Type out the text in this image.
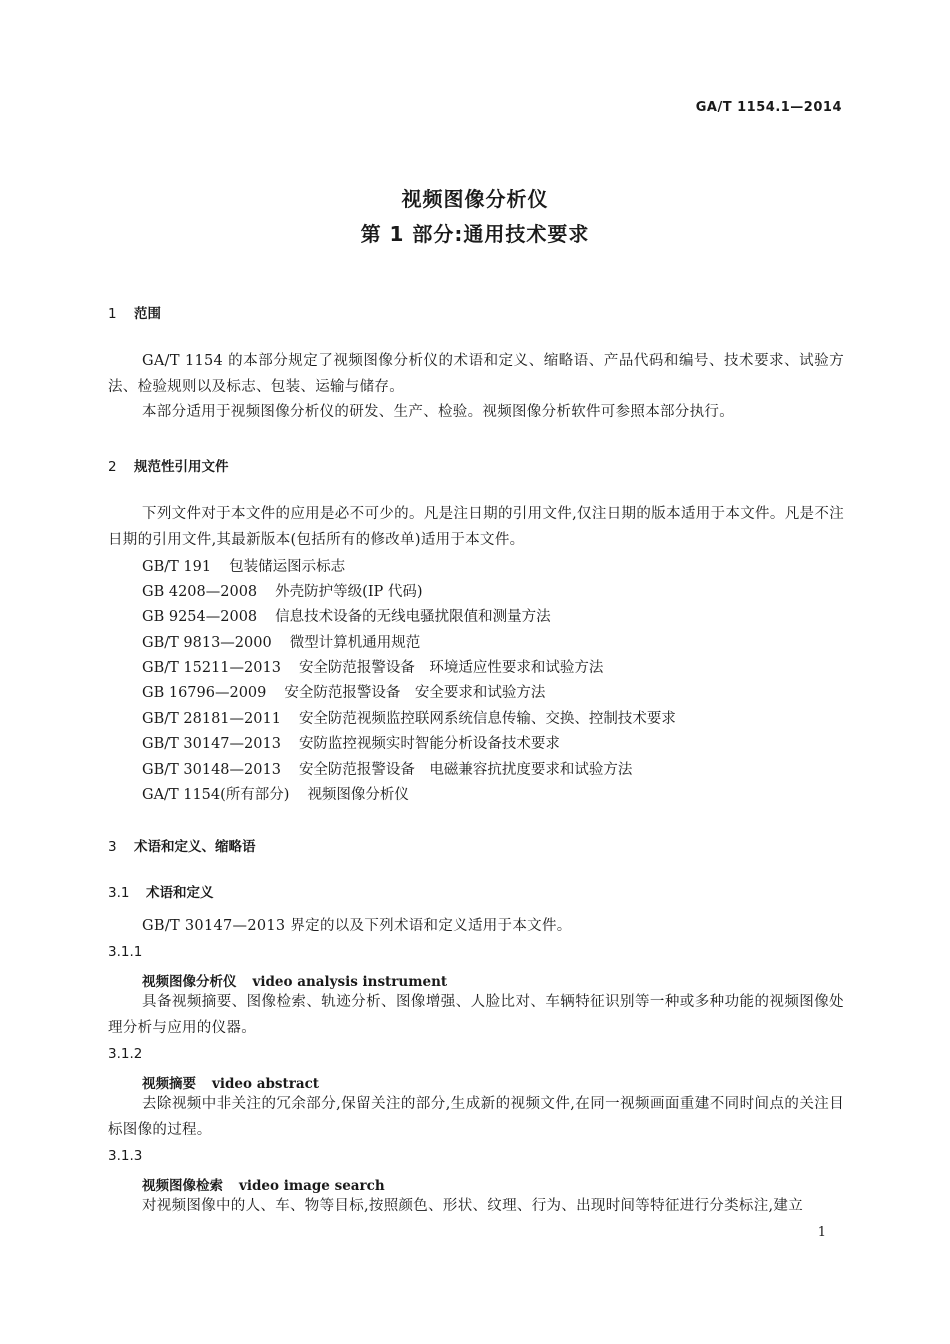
GA/T 1154.1—2014
视频图像分析仪
第 1 部分:通用技术要求
1 范围
GA/T 1154 的本部分规定了视频图像分析仪的术语和定义、缩略语、产品代码和编号、技术要求、试验方法、检验规则以及标志、包装、运输与储存。
本部分适用于视频图像分析仪的研发、生产、检验。视频图像分析软件可参照本部分执行。
2 规范性引用文件
下列文件对于本文件的应用是必不可少的。凡是注日期的引用文件,仅注日期的版本适用于本文件。凡是不注日期的引用文件,其最新版本(包括所有的修改单)适用于本文件。
GB/T 191 包装储运图示标志
GB 4208—2008 外壳防护等级(IP 代码)
GB 9254—2008 信息技术设备的无线电骚扰限值和测量方法
GB/T 9813—2000 微型计算机通用规范
GB/T 15211—2013 安全防范报警设备　环境适应性要求和试验方法
GB 16796—2009 安全防范报警设备　安全要求和试验方法
GB/T 28181—2011 安全防范视频监控联网系统信息传输、交换、控制技术要求
GB/T 30147—2013 安防监控视频实时智能分析设备技术要求
GB/T 30148—2013 安全防范报警设备　电磁兼容抗扰度要求和试验方法
GA/T 1154(所有部分) 视频图像分析仪
3 术语和定义、缩略语
3.1 术语和定义
GB/T 30147—2013 界定的以及下列术语和定义适用于本文件。
3.1.1
视频图像分析仪 video analysis instrument
具备视频摘要、图像检索、轨迹分析、图像增强、人脸比对、车辆特征识别等一种或多种功能的视频图像处理分析与应用的仪器。
3.1.2
视频摘要 video abstract
去除视频中非关注的冗余部分,保留关注的部分,生成新的视频文件,在同一视频画面重建不同时间点的关注目标图像的过程。
3.1.3
视频图像检索 video image search
对视频图像中的人、车、物等目标,按照颜色、形状、纹理、行为、出现时间等特征进行分类标注,建立
1
